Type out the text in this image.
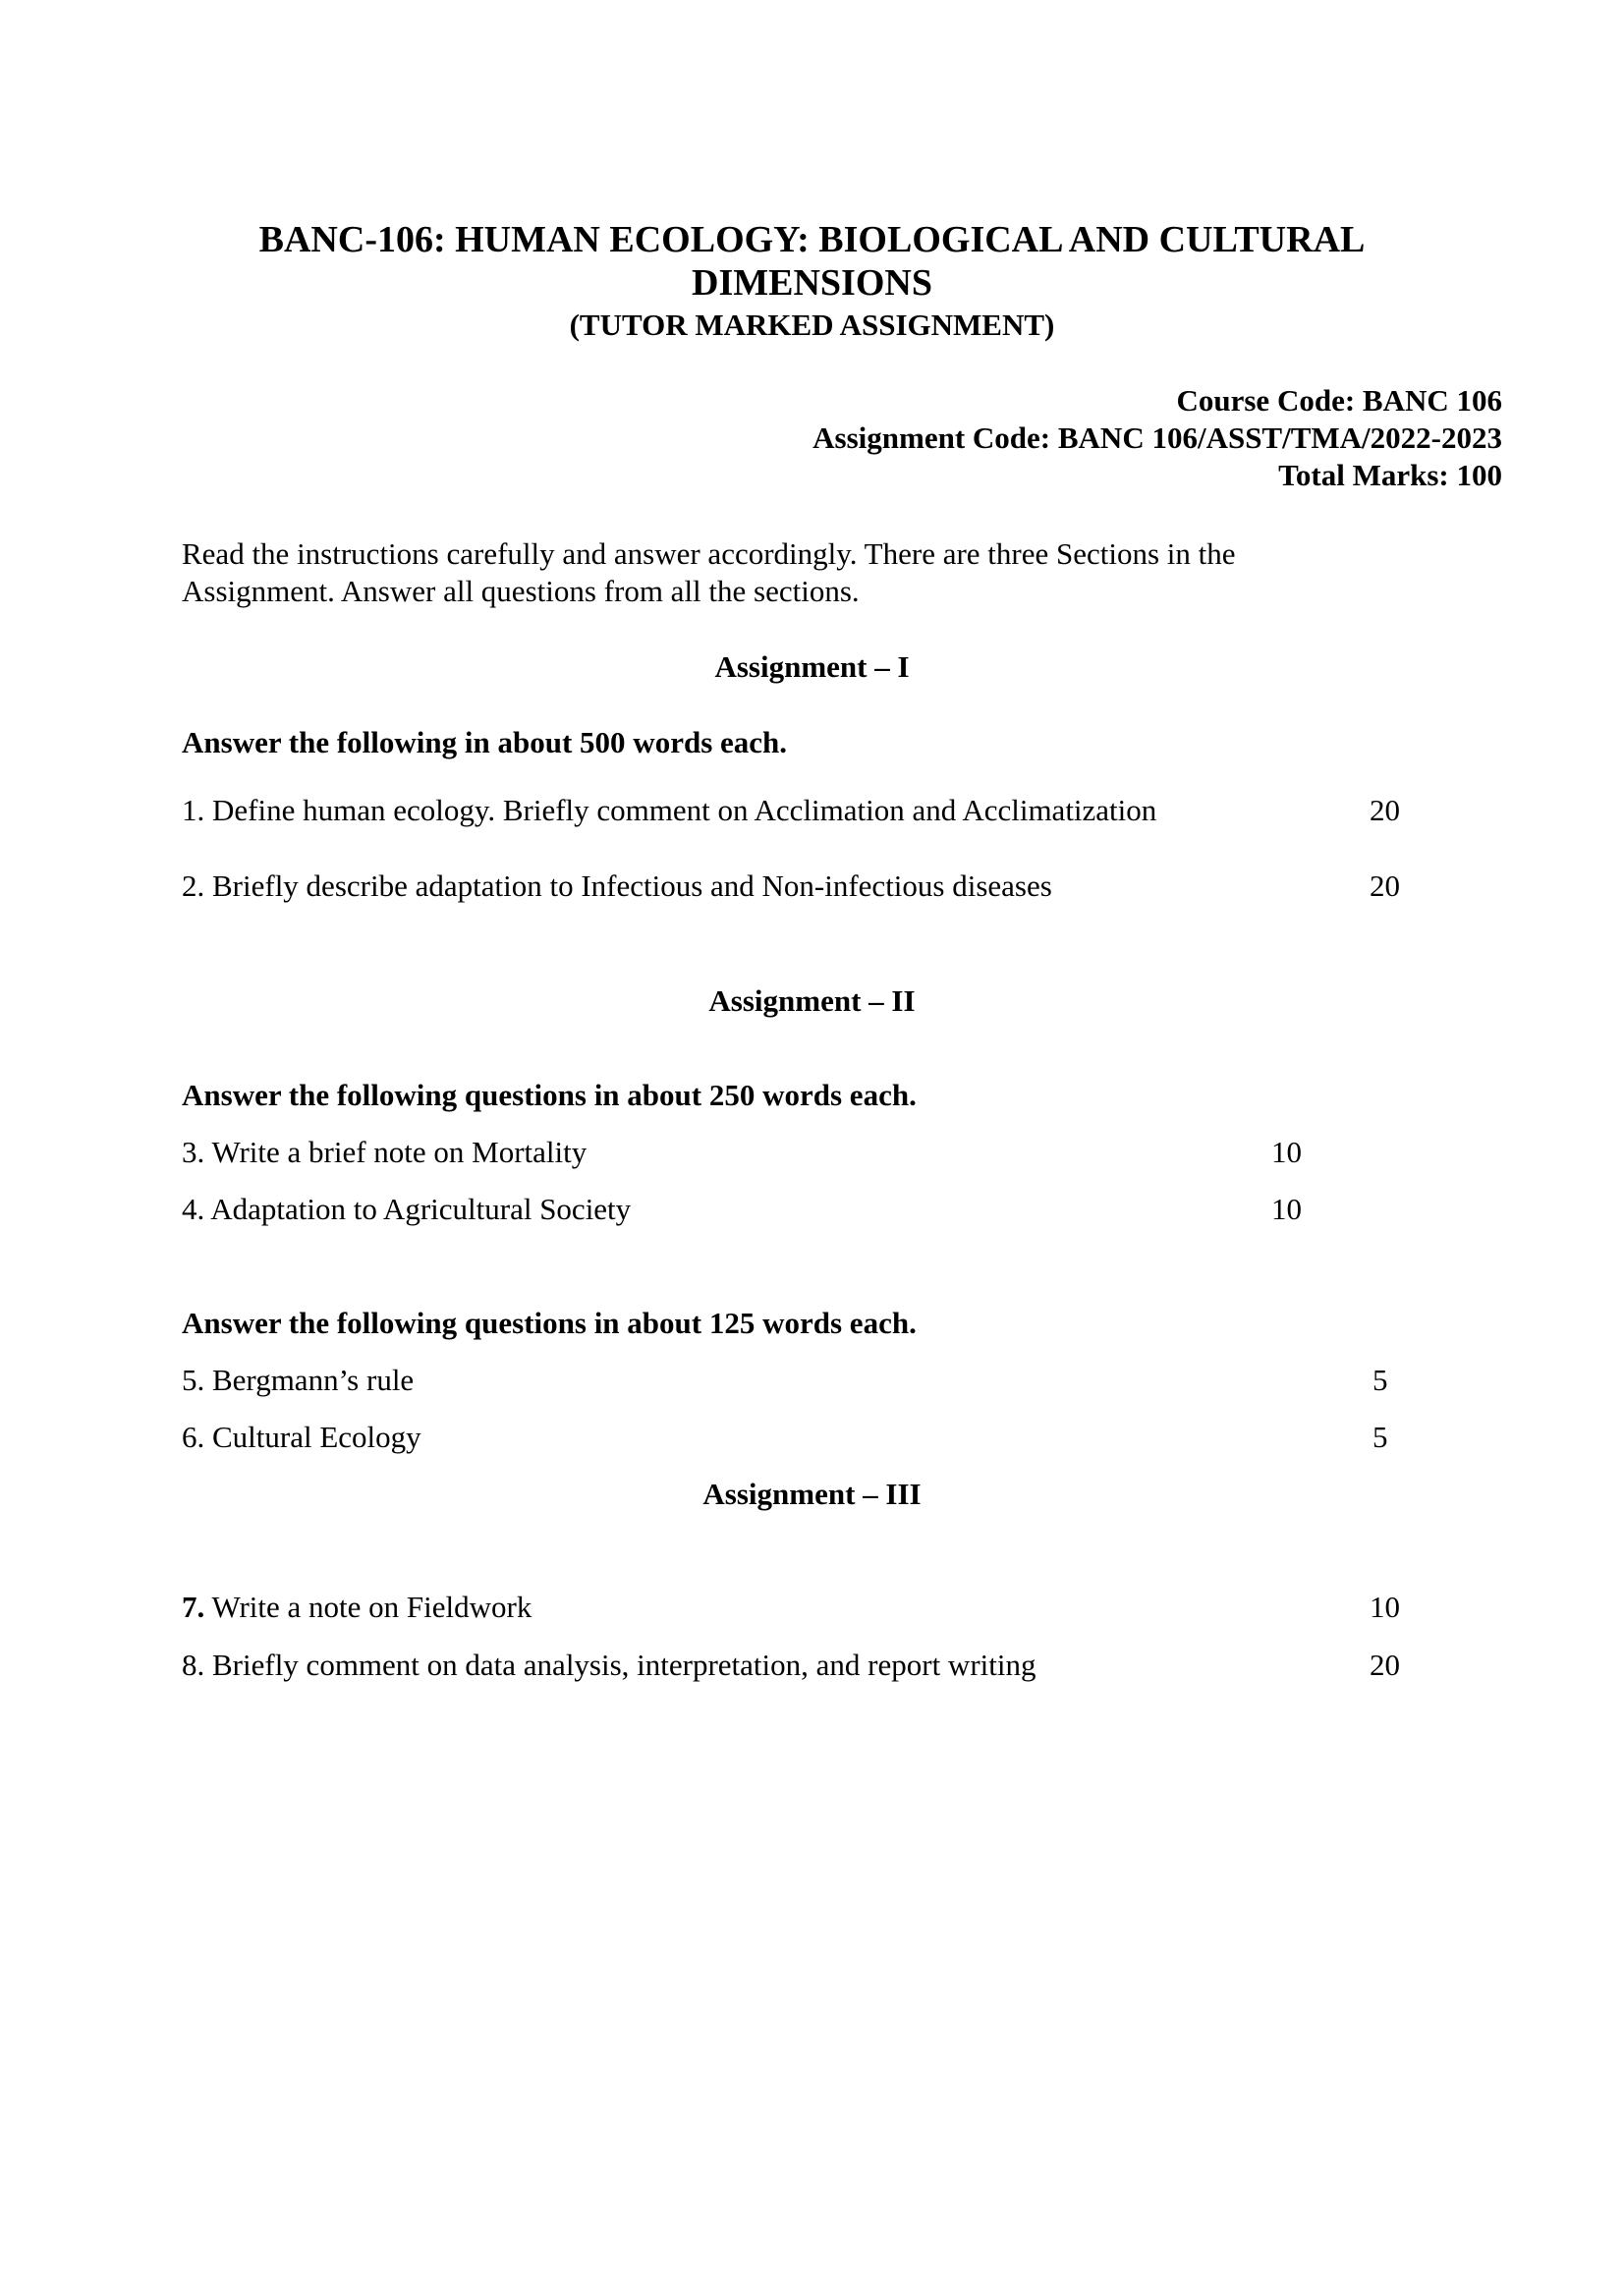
BANC-106: HUMAN ECOLOGY: BIOLOGICAL AND CULTURAL

DIMENSIONS

(TUTOR MARKED ASSIGNMENT)

Course Code: BANC 106

Assignment Code: BANC 106/ASST/TMA/2022-2023

Total Marks: 100

Read the instructions carefully and answer accordingly. There are three Sections in the

Assignment. Answer all questions from all the sections.

Assignment – I

Answer the following in about 500 words each.

1. Define human ecology. Briefly comment on Acclimation and Acclimatization	20

2. Briefly describe adaptation to Infectious and Non-infectious diseases	20

Assignment – II

Answer the following questions in about 250 words each.

3. Write a brief note on Mortality	10

4. Adaptation to Agricultural Society	10

Answer the following questions in about 125 words each.

5. Bergmann’s rule	5

6. Cultural Ecology	5

Assignment – III

7. Write a note on Fieldwork	10

8. Briefly comment on data analysis, interpretation, and report writing	20
